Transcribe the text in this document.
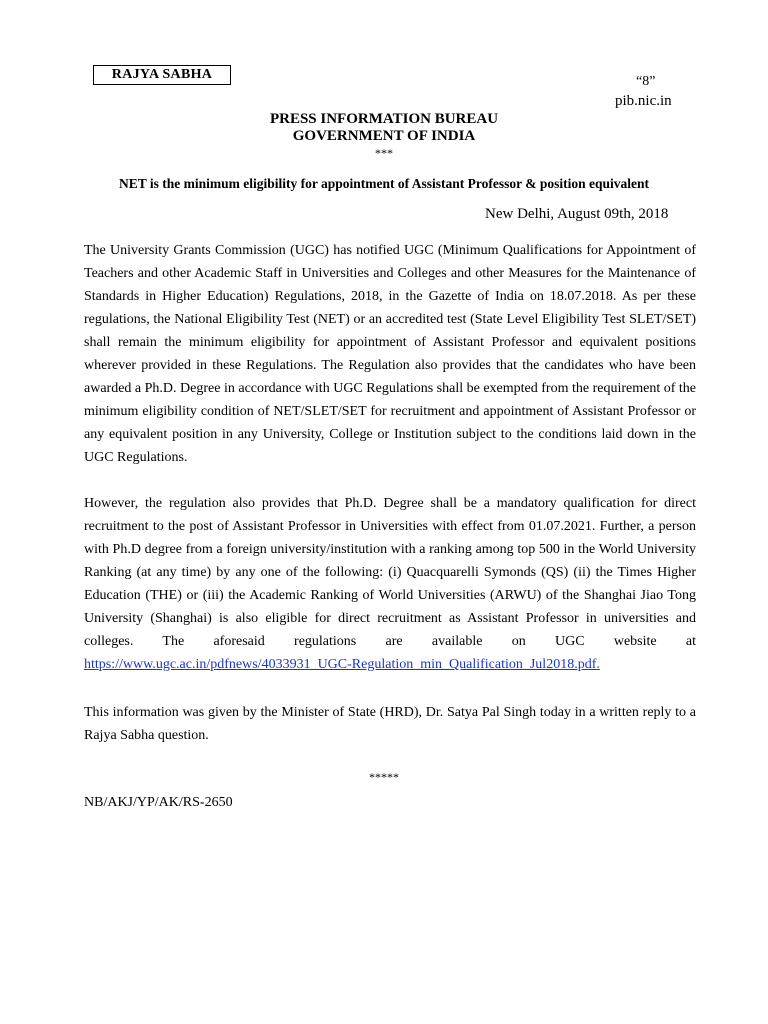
RAJYA SABHA	“8”
pib.nic.in
PRESS INFORMATION BUREAU
GOVERNMENT OF INDIA
***
NET is the minimum eligibility for appointment of Assistant Professor & position equivalent
New Delhi, August 09th, 2018

The University Grants Commission (UGC) has notified UGC (Minimum Qualifications for Appointment of Teachers and other Academic Staff in Universities and Colleges and other Measures for the Maintenance of Standards in Higher Education) Regulations, 2018, in the Gazette of India on 18.07.2018. As per these regulations, the National Eligibility Test (NET) or an accredited test (State Level Eligibility Test SLET/SET) shall remain the minimum eligibility for appointment of Assistant Professor and equivalent positions wherever provided in these Regulations. The Regulation also provides that the candidates who have been awarded a Ph.D. Degree in accordance with UGC Regulations shall be exempted from the requirement of the minimum eligibility condition of NET/SLET/SET for recruitment and appointment of Assistant Professor or any equivalent position in any University, College or Institution subject to the conditions laid down in the UGC Regulations.

However, the regulation also provides that Ph.D. Degree shall be a mandatory qualification for direct recruitment to the post of Assistant Professor in Universities with effect from 01.07.2021. Further, a person with Ph.D degree from a foreign university/institution with a ranking among top 500 in the World University Ranking (at any time) by any one of the following: (i) Quacquarelli Symonds (QS) (ii) the Times Higher Education (THE) or (iii) the Academic Ranking of World Universities (ARWU) of the Shanghai Jiao Tong University (Shanghai) is also eligible for direct recruitment as Assistant Professor in universities and colleges. The aforesaid regulations are available on UGC website at https://www.ugc.ac.in/pdfnews/4033931_UGC-Regulation_min_Qualification_Jul2018.pdf.

This information was given by the Minister of State (HRD), Dr. Satya Pal Singh today in a written reply to a Rajya Sabha question.

*****
NB/AKJ/YP/AK/RS-2650
